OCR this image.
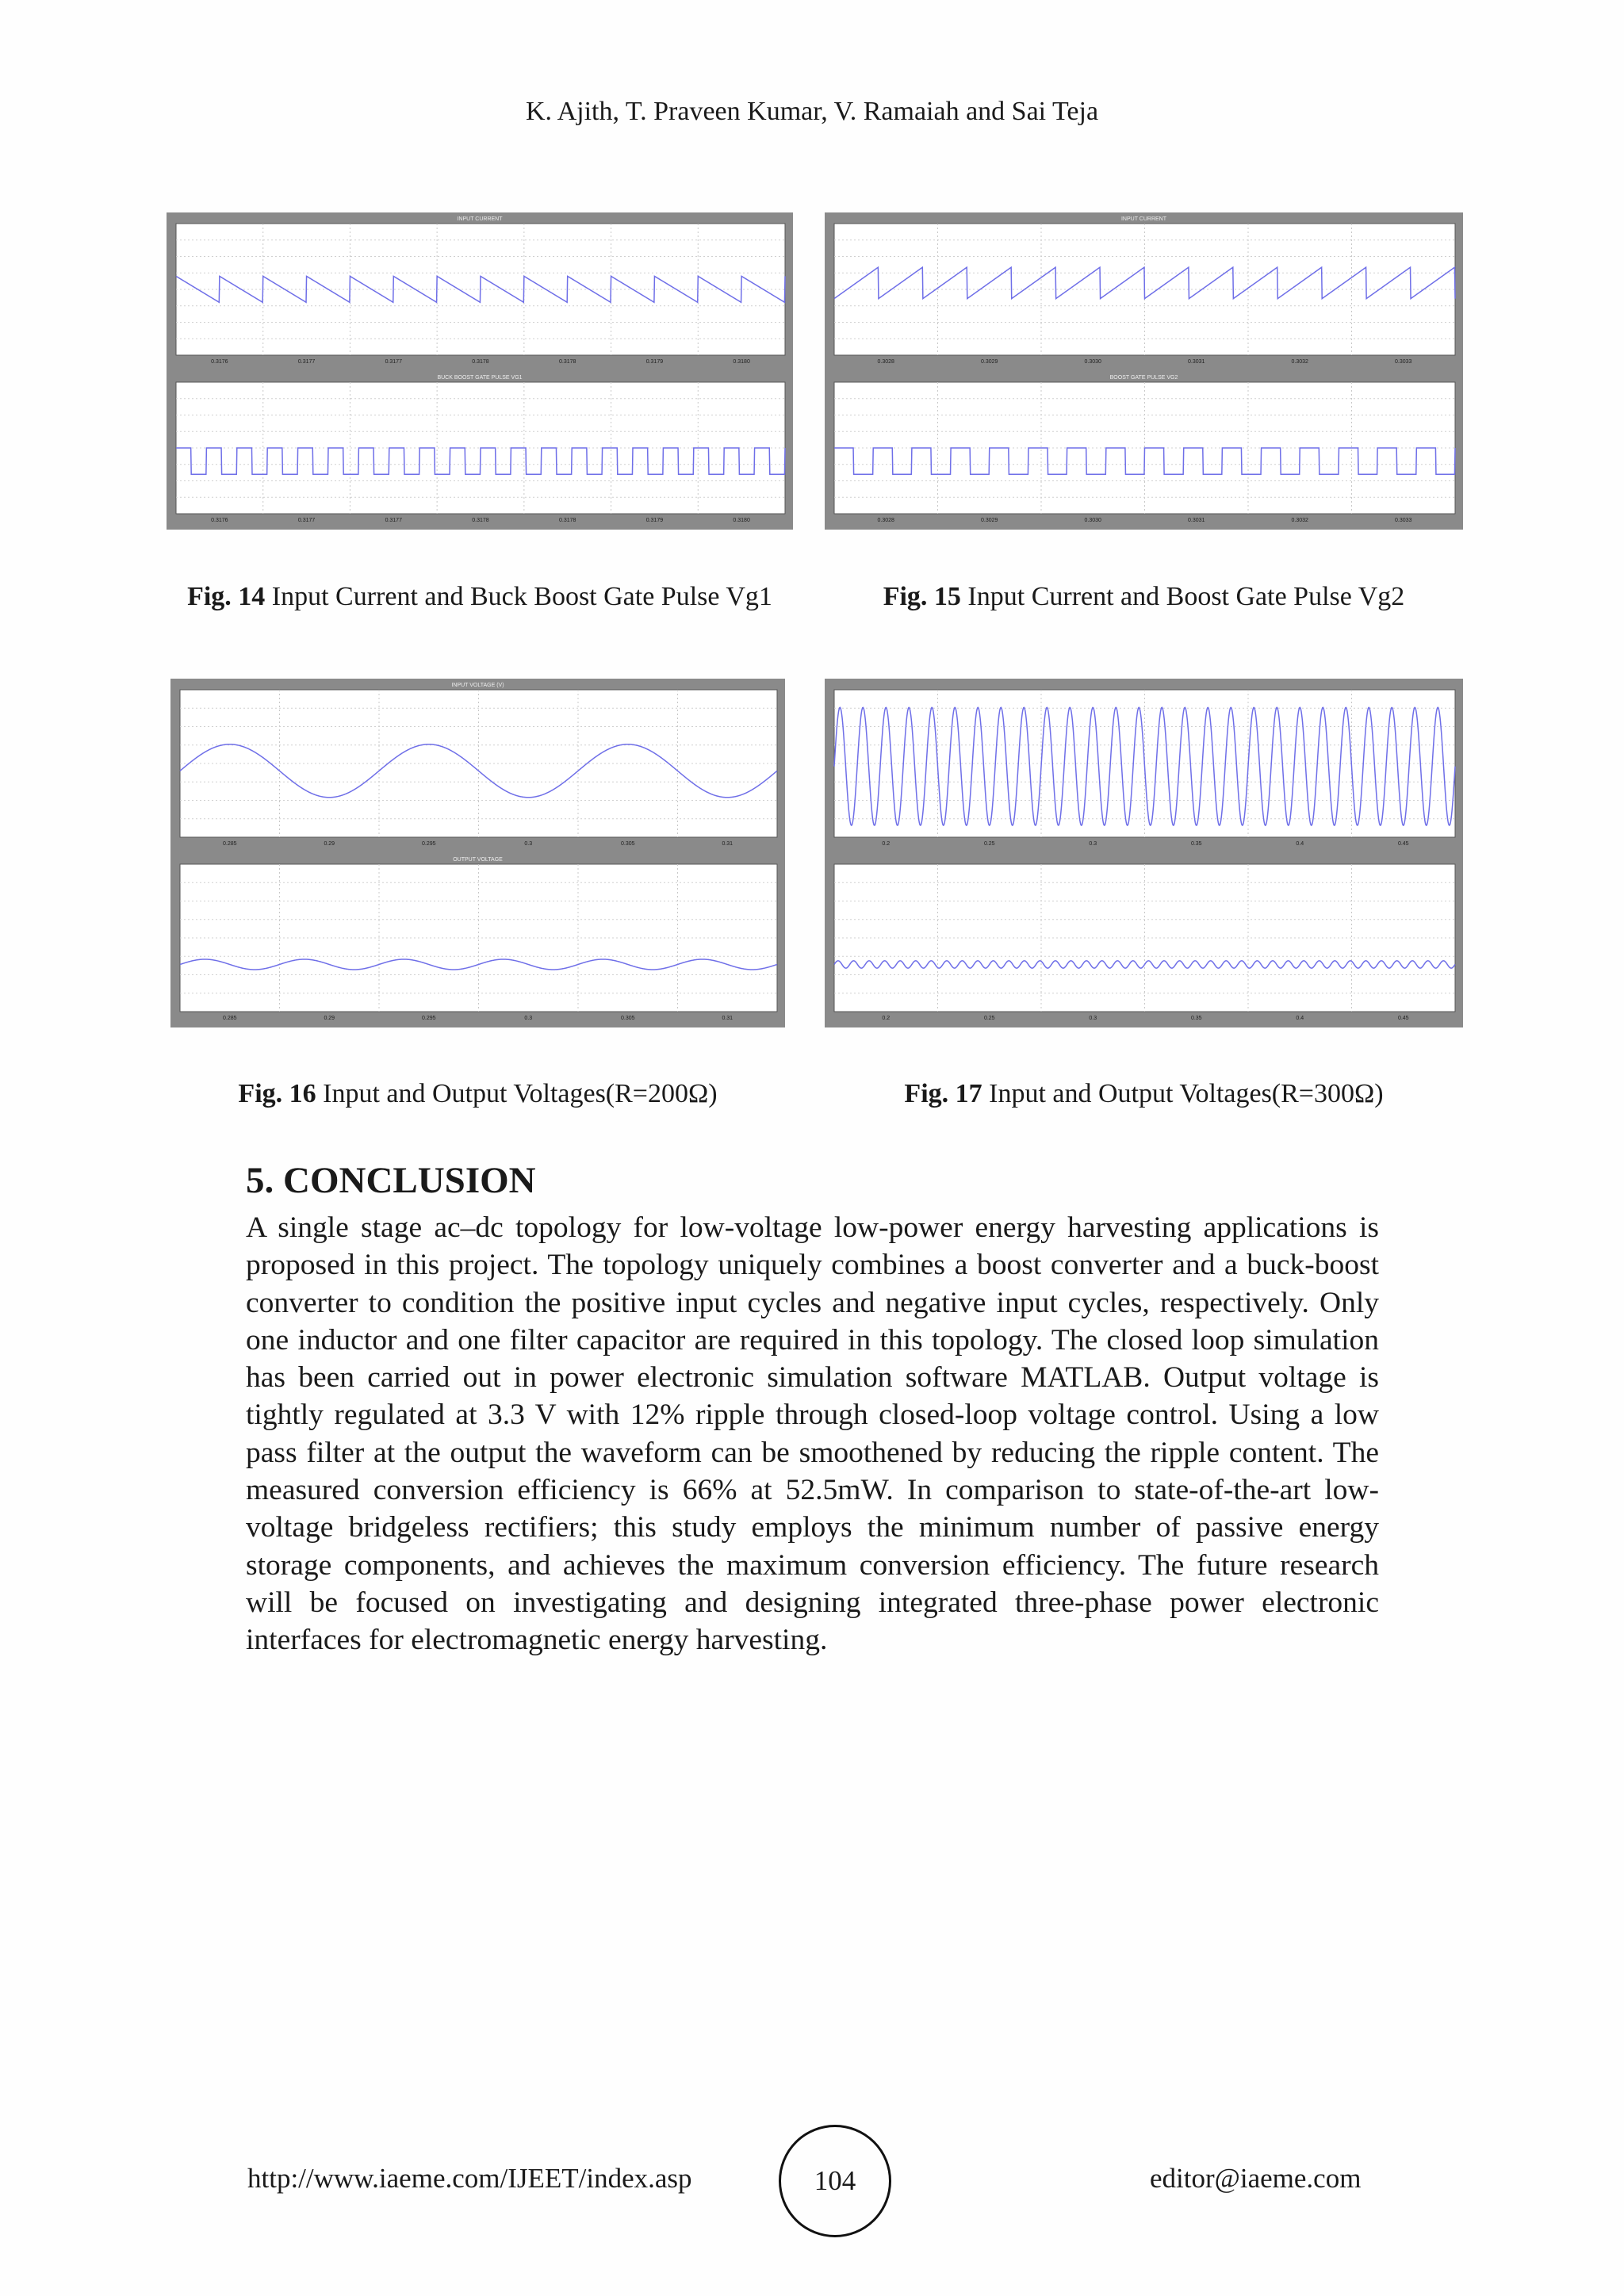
K. Ajith, T. Praveen Kumar, V. Ramaiah and Sai Teja
INPUT CURRENT
0.3176	0.3177	0.3177	0.3178	0.3178	0.3179	0.3180
BUCK BOOST GATE PULSE VG1
0.3176	0.3177	0.3177	0.3178	0.3178	0.3179	0.3180
Fig. 14 Input Current and Buck Boost Gate Pulse Vg1
INPUT CURRENT
0.3028	0.3029	0.3030	0.3031	0.3032	0.3033
BOOST GATE PULSE VG2
0.3028	0.3029	0.3030	0.3031	0.3032	0.3033
Fig. 15 Input Current and Boost Gate Pulse Vg2
INPUT VOLTAGE (V)
0.285	0.29	0.295	0.3	0.305	0.31
OUTPUT VOLTAGE
0.285	0.29	0.295	0.3	0.305	0.31
Fig. 16 Input and Output Voltages(R=200Ω)
0.2	0.25	0.3	0.35	0.4	0.45
0.2	0.25	0.3	0.35	0.4	0.45
Fig. 17 Input and Output Voltages(R=300Ω)
5. CONCLUSION

A single stage ac–dc topology for low-voltage low-power energy harvesting applications is proposed in this project. The topology uniquely combines a boost converter and a buck-boost converter to condition the positive input cycles and negative input cycles, respectively. Only one inductor and one filter capacitor are required in this topology. The closed loop simulation has been carried out in power electronic simulation software MATLAB. Output voltage is tightly regulated at 3.3 V with 12% ripple through closed-loop voltage control. Using a low pass filter at the output the waveform can be smoothened by reducing the ripple content. The measured conversion efficiency is 66% at 52.5mW. In comparison to state-of-the-art low-voltage bridgeless rectifiers; this study employs the minimum number of passive energy storage components, and achieves the maximum conversion efficiency. The future research will be focused on investigating and designing integrated three-phase power electronic interfaces for electromagnetic energy harvesting.

http://www.iaeme.com/IJEET/index.asp	104	editor@iaeme.com
